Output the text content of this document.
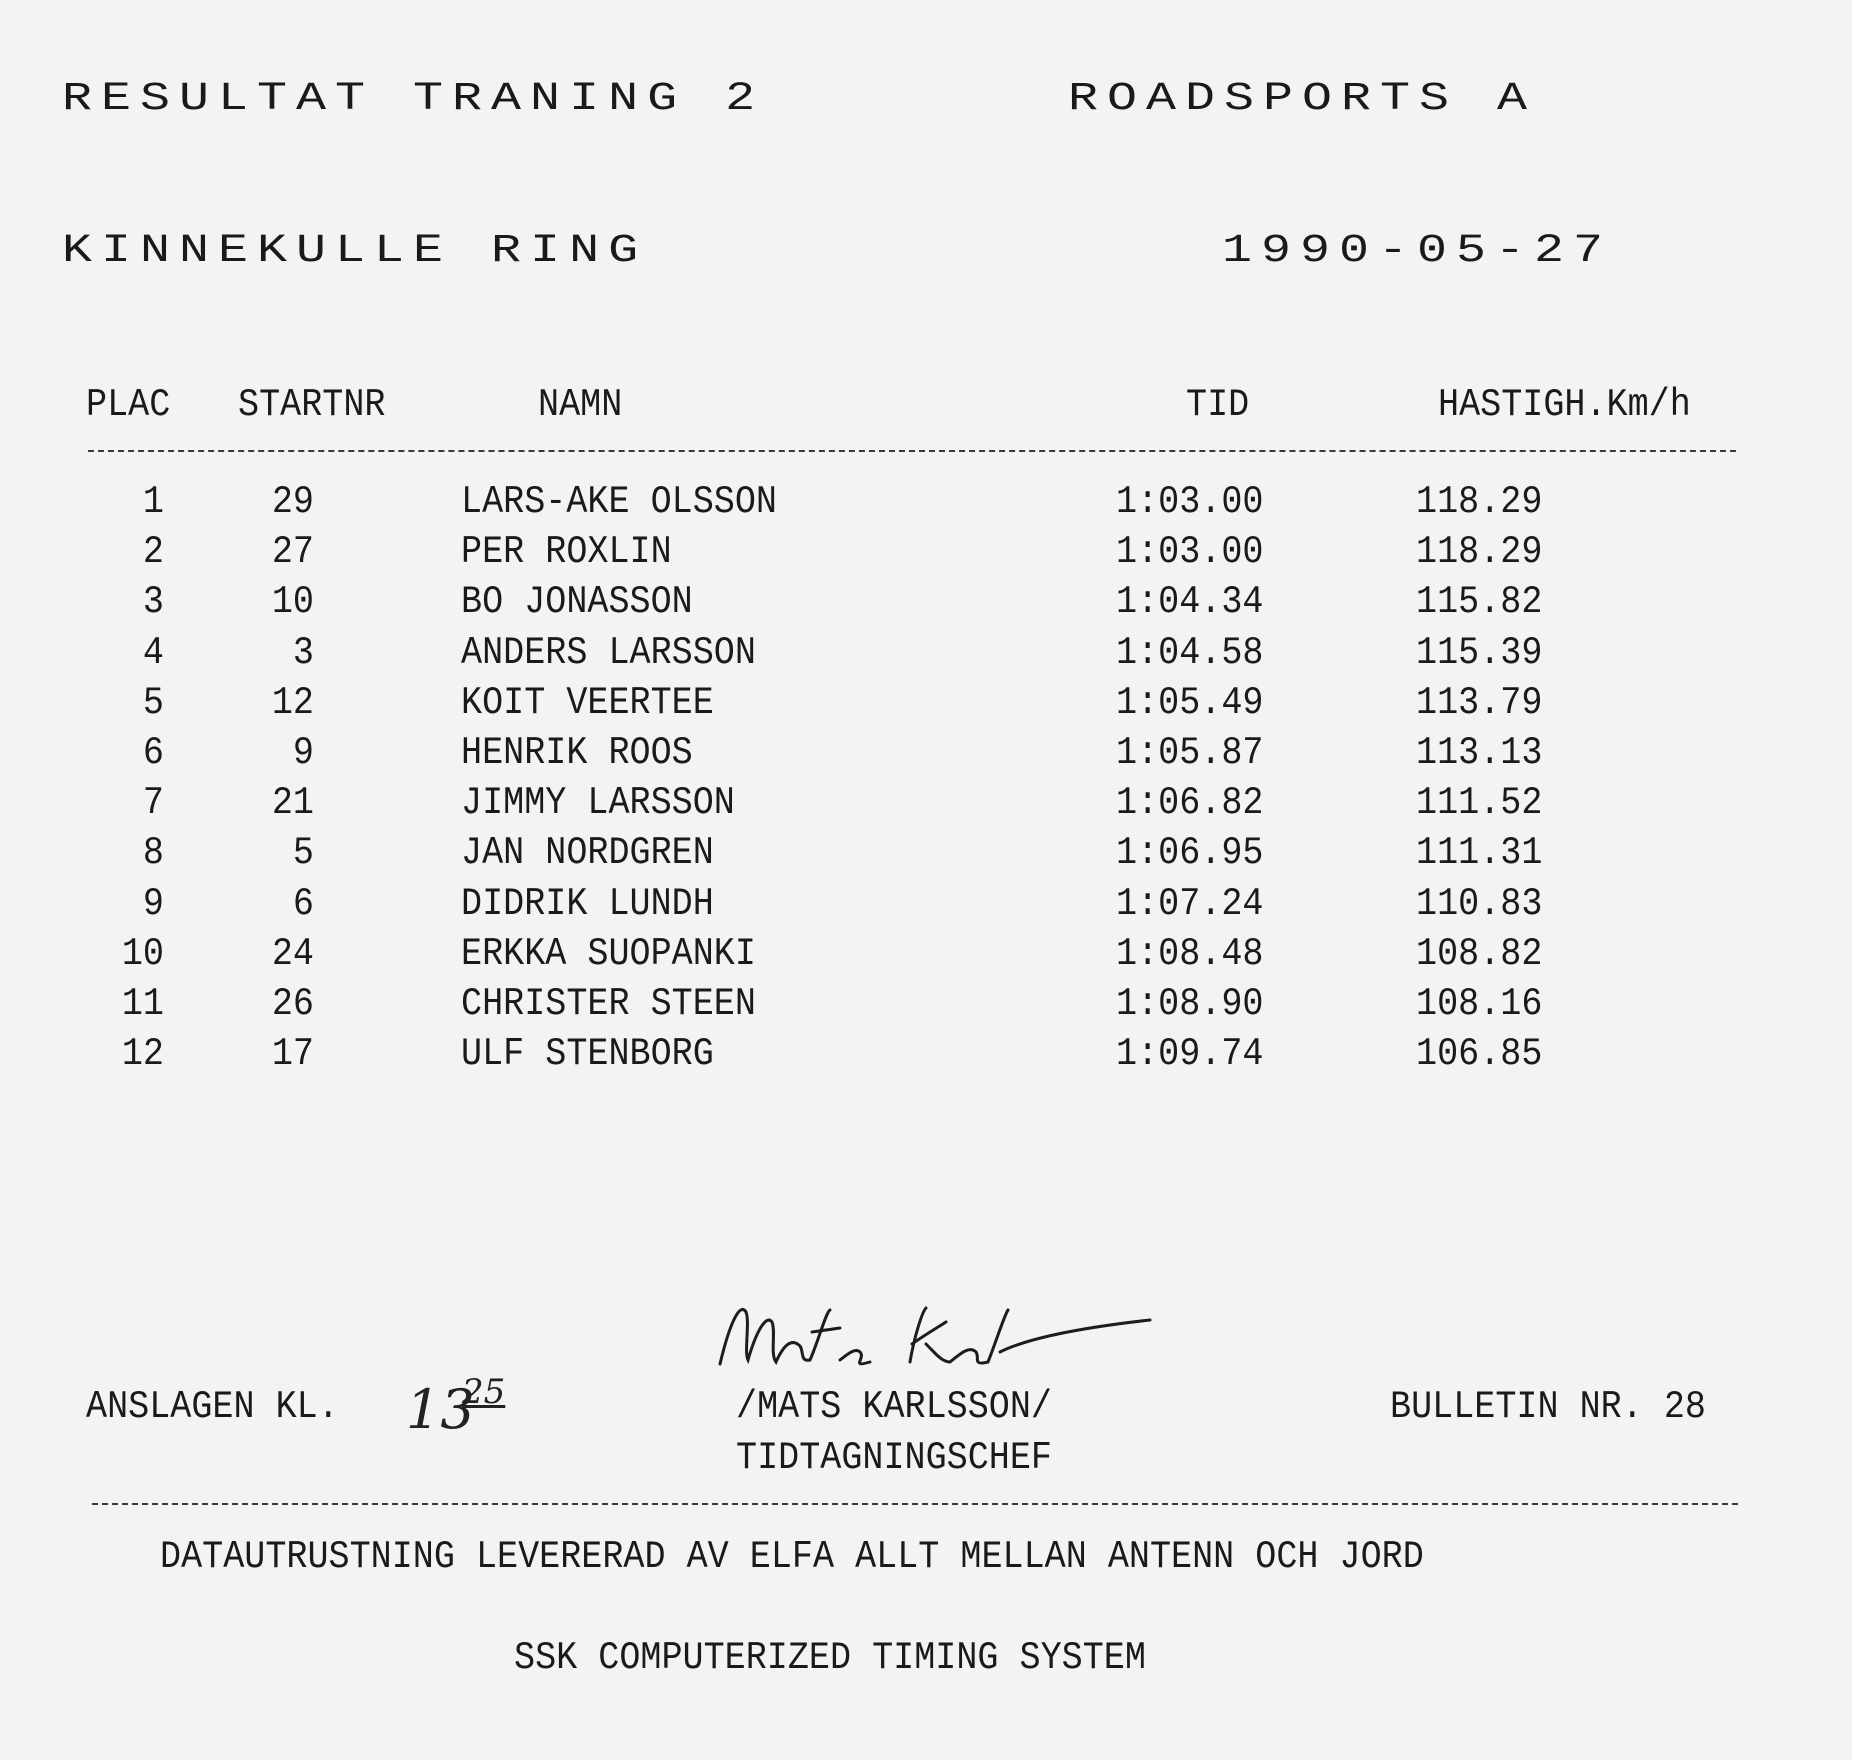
RESULTAT TRANING 2	ROADSPORTS A
KINNEKULLE RING	1990-05-27
PLAC STARTNR	NAMN	TID	HASTIGH.Km/h
1	29	LARS-AKE OLSSON	1:03.00	118.29
2	27	PER ROXLIN	1:03.00	118.29
3	10	BO JONASSON	1:04.34	115.82
4	3	ANDERS LARSSON	1:04.58	115.39
5	12	KOIT VEERTEE	1:05.49	113.79
6	9	HENRIK ROOS	1:05.87	113.13
7	21	JIMMY LARSSON	1:06.82	111.52
8	5	JAN NORDGREN	1:06.95	111.31
9	6	DIDRIK LUNDH	1:07.24	110.83
10	24	ERKKA SUOPANKI	1:08.48	108.82
11	26	CHRISTER STEEN	1:08.90	108.16
12	17	ULF STENBORG	1:09.74	106.85
ANSLAGEN KL. 13
25	/MATS KARLSSON/
TIDTAGNINGSCHEF
BULLETIN NR. 28
DATAUTRUSTNING LEVERERAD AV ELFA ALLT MELLAN ANTENN OCH JORD
SSK COMPUTERIZED TIMING SYSTEM
